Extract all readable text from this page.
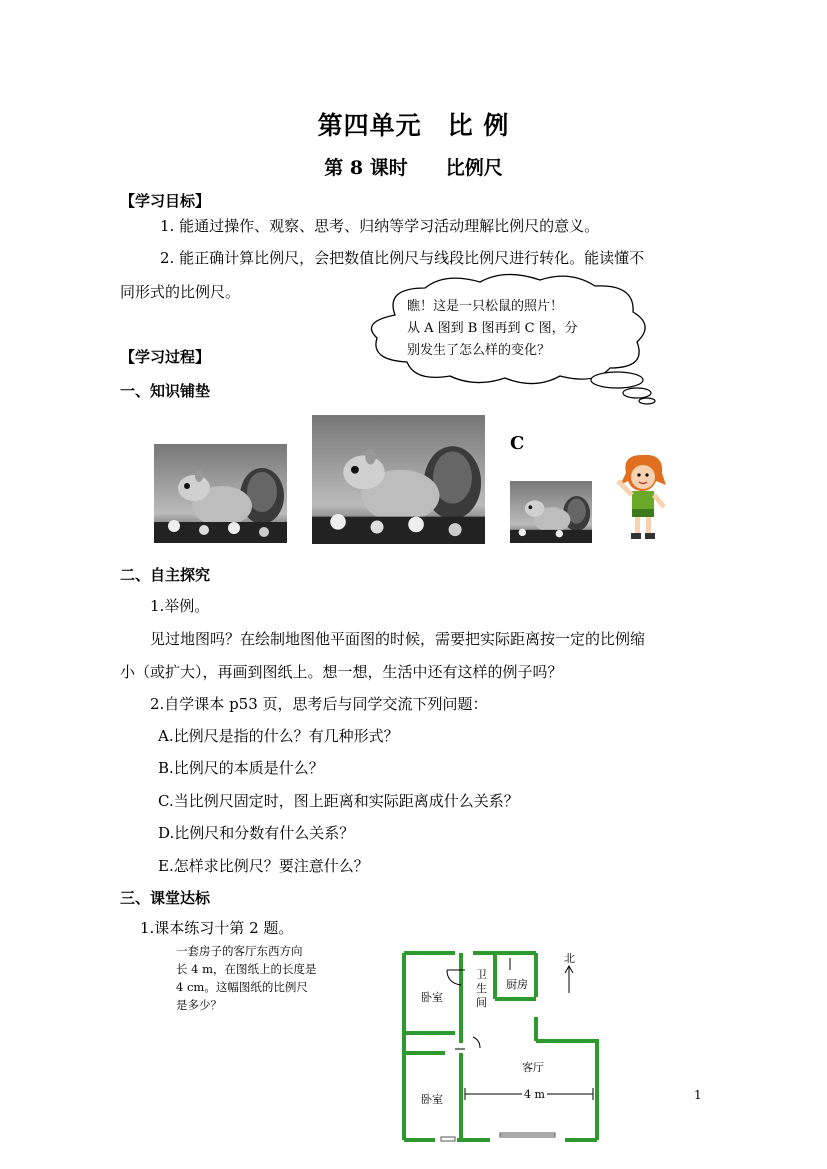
第四单元　比 例
第 8 课时　　比例尺
【学习目标】
1. 能通过操作、观察、思考、归纳等学习活动理解比例尺的意义。
2. 能正确计算比例尺，会把数值比例尺与线段比例尺进行转化。能读懂不
同形式的比例尺。
瞧！这是一只松鼠的照片！
从 A 图到 B 图再到 C 图，分
别发生了怎么样的变化？
【学习过程】
一、知识铺垫
C
二、自主探究
1.举例。
见过地图吗？在绘制地图他平面图的时候，需要把实际距离按一定的比例缩
小（或扩大），再画到图纸上。想一想，生活中还有这样的例子吗？
2.自学课本 p53 页，思考后与同学交流下列问题：
A.比例尺是指的什么？有几种形式？
B.比例尺的本质是什么？
C.当比例尺固定时，图上距离和实际距离成什么关系？
D.比例尺和分数有什么关系？
E.怎样求比例尺？要注意什么？
三、课堂达标
1.课本练习十第 2 题。
一套房子的客厅东西方向
长 4 m，在图纸上的长度是
4 cm。这幅图纸的比例尺
是多少？
北
卧室
卫
生
间
厨房
客厅
卧室	4 m	1
